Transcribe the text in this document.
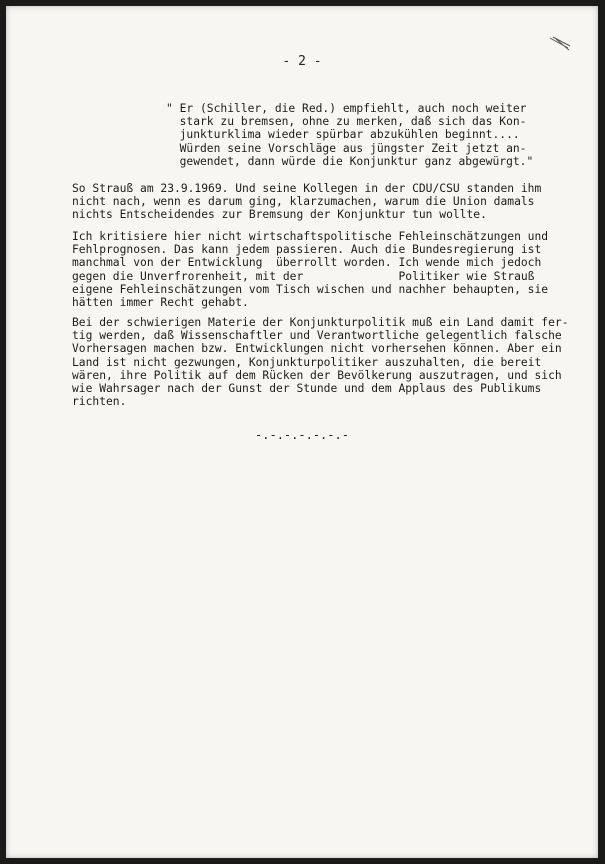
- 2 -
" Er (Schiller, die Red.) empfiehlt, auch noch weiter
stark zu bremsen, ohne zu merken, daß sich das Kon-
junkturklima wieder spürbar abzukühlen beginnt....
Würden seine Vorschläge aus jüngster Zeit jetzt an-
gewendet, dann würde die Konjunktur ganz abgewürgt."
So Strauß am 23.9.1969. Und seine Kollegen in der CDU/CSU standen ihm
nicht nach, wenn es darum ging, klarzumachen, warum die Union damals
nichts Entscheidendes zur Bremsung der Konjunktur tun wollte.
Ich kritisiere hier nicht wirtschaftspolitische Fehleinschätzungen und
Fehlprognosen. Das kann jedem passieren. Auch die Bundesregierung ist
manchmal von der Entwicklung  überrollt worden. Ich wende mich jedoch
gegen die Unverfrorenheit, mit der              Politiker wie Strauß
eigene Fehleinschätzungen vom Tisch wischen und nachher behaupten, sie
hätten immer Recht gehabt.
Bei der schwierigen Materie der Konjunkturpolitik muß ein Land damit fer-
tig werden, daß Wissenschaftler und Verantwortliche gelegentlich falsche
Vorhersagen machen bzw. Entwicklungen nicht vorhersehen können. Aber ein
Land ist nicht gezwungen, Konjunkturpolitiker auszuhalten, die bereit
wären, ihre Politik auf dem Rücken der Bevölkerung auszutragen, und sich
wie Wahrsager nach der Gunst der Stunde und dem Applaus des Publikums
richten.
-.-.-.-.-.-.-
